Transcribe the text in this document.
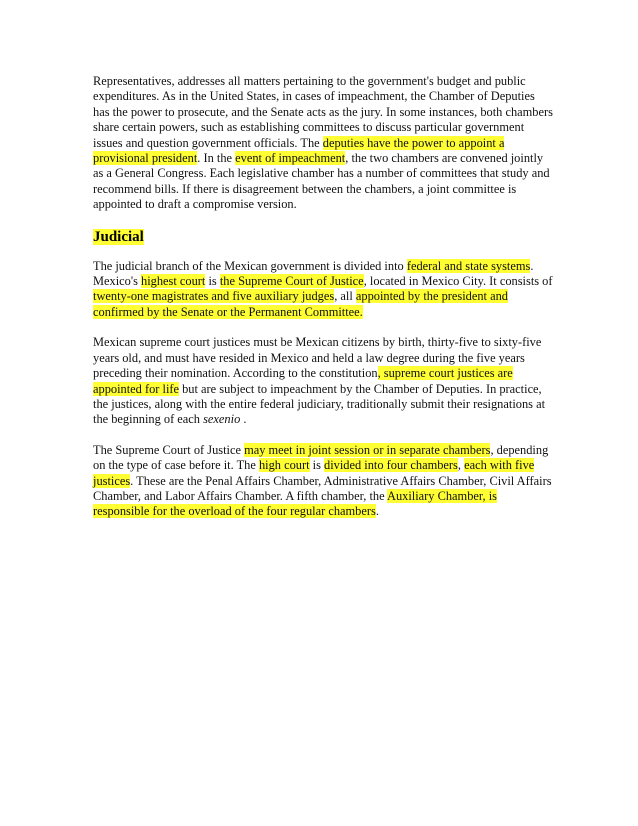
Representatives, addresses all matters pertaining to the government's budget and public expenditures. As in the United States, in cases of impeachment, the Chamber of Deputies has the power to prosecute, and the Senate acts as the jury. In some instances, both chambers share certain powers, such as establishing committees to discuss particular government issues and question government officials. The deputies have the power to appoint a provisional president. In the event of impeachment, the two chambers are convened jointly as a General Congress. Each legislative chamber has a number of committees that study and recommend bills. If there is disagreement between the chambers, a joint committee is appointed to draft a compromise version.

Judicial

The judicial branch of the Mexican government is divided into federal and state systems. Mexico's highest court is the Supreme Court of Justice, located in Mexico City. It consists of twenty-one magistrates and five auxiliary judges, all appointed by the president and confirmed by the Senate or the Permanent Committee.

Mexican supreme court justices must be Mexican citizens by birth, thirty-five to sixty-five years old, and must have resided in Mexico and held a law degree during the five years preceding their nomination. According to the constitution, supreme court justices are appointed for life but are subject to impeachment by the Chamber of Deputies. In practice, the justices, along with the entire federal judiciary, traditionally submit their resignations at the beginning of each sexenio .

The Supreme Court of Justice may meet in joint session or in separate chambers, depending on the type of case before it. The high court is divided into four chambers, each with five justices. These are the Penal Affairs Chamber, Administrative Affairs Chamber, Civil Affairs Chamber, and Labor Affairs Chamber. A fifth chamber, the Auxiliary Chamber, is responsible for the overload of the four regular chambers.
